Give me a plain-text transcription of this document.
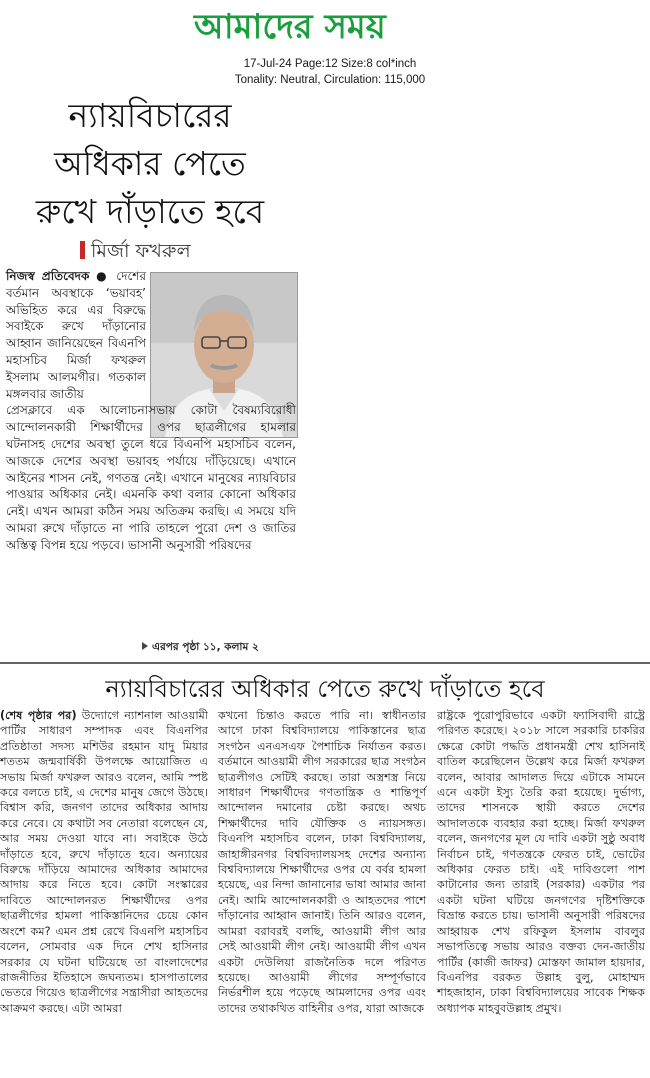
আমাদের সময়
17-Jul-24 Page:12 Size:8 col*inch
Tonality: Neutral, Circulation: 115,000
ন্যায়বিচারের
অধিকার পেতে
রুখে দাঁড়াতে হবে
মির্জা ফখরুল
নিজস্ব প্রতিবেদক ● দেশের বর্তমান অবস্থাকে ‘ভয়াবহ’ অভিহিত করে এর বিরুদ্ধে সবাইকে রুখে দাঁড়ানোর আহ্বান জানিয়েছেন বিএনপি মহাসচিব মির্জা ফখরুল ইসলাম আলমগীর। গতকাল মঙ্গলবার জাতীয়
প্রেসক্লাবে এক আলোচনাসভায় কোটা বৈষম্যবিরোধী আন্দোলনকারী শিক্ষার্থীদের ওপর ছাত্রলীগের হামলার ঘটনাসহ দেশের অবস্থা তুলে ধরে বিএনপি মহাসচিব বলেন, আজকে দেশের অবস্থা ভয়াবহ পর্যায়ে দাঁড়িয়েছে। এখানে আইনের শাসন নেই, গণতন্ত্র নেই। এখানে মানুষের ন্যায়বিচার পাওয়ার অধিকার নেই। এমনকি কথা বলার কোনো অধিকার নেই। এখন আমরা কঠিন সময় অতিক্রম করছি। এ সময়ে যদি আমরা রুখে দাঁড়াতে না পারি তাহলে পুরো দেশ ও জাতির অস্তিত্ব বিপন্ন হয়ে পড়বে। ভাসানী অনুসারী পরিষদের
এরপর পৃষ্ঠা ১১, কলাম ২
ন্যায়বিচারের অধিকার পেতে রুখে দাঁড়াতে হবে

(শেষ পৃষ্ঠার পর) উদ্যোগে ন্যাশনাল আওয়ামী পার্টির সাধারণ সম্পাদক এবং বিএনপির প্রতিষ্ঠাতা সদস্য মশিউর রহমান যাদু মিয়ার শততম জন্মবার্ষিকী উপলক্ষে আয়োজিত এ সভায় মির্জা ফখরুল আরও বলেন, আমি স্পষ্ট করে বলতে চাই, এ দেশের মানুষ জেগে উঠছে। বিশ্বাস করি, জনগণ তাদের অধিকার আদায় করে নেবে। যে কথাটা সব নেতারা বলেছেন যে, আর সময় দেওয়া যাবে না। সবাইকে উঠে দাঁড়াতে হবে, রুখে দাঁড়াতে হবে। অন্যায়ের বিরুদ্ধে দাঁড়িয়ে আমাদের অধিকার আমাদের আদায় করে নিতে হবে। কোটা সংস্কারের দাবিতে আন্দোলনরত শিক্ষার্থীদের ওপর ছাত্রলীগের হামলা পাকিস্তানিদের চেয়ে কোন অংশে কম? এমন প্রশ্ন রেখে বিএনপি মহাসচিব বলেন, সোমবার এক দিনে শেখ হাসিনার সরকার যে ঘটনা ঘটিয়েছে তা বাংলাদেশের রাজনীতির ইতিহাসে জঘন্যতম। হাসপাতালের ভেতরে গিয়েও ছাত্রলীগের সন্ত্রাসীরা আহতদের আক্রমণ করছে। এটা আমরা

কখনো চিন্তাও করতে পারি না। স্বাধীনতার আগে ঢাকা বিশ্ববিদ্যালয়ে পাকিস্তানের ছাত্র সংগঠন এনএসএফ পৈশাচিক নির্যাতন করত। বর্তমানে আওয়ামী লীগ সরকারের ছাত্র সংগঠন ছাত্রলীগও সেটিই করছে। তারা অস্ত্রশস্ত্র নিয়ে সাধারণ শিক্ষার্থীদের গণতান্ত্রিক ও শান্তিপূর্ণ আন্দোলন দমানোর চেষ্টা করছে। অথচ শিক্ষার্থীদের দাবি যৌক্তিক ও ন্যায়সঙ্গত। বিএনপি মহাসচিব বলেন, ঢাকা বিশ্ববিদ্যালয়, জাহাঙ্গীরনগর বিশ্ববিদ্যালয়সহ দেশের অন্যান্য বিশ্ববিদ্যালয়ে শিক্ষার্থীদের ওপর যে বর্বর হামলা হয়েছে, এর নিন্দা জানানোর ভাষা আমার জানা নেই। আমি আন্দোলনকারী ও আহতদের পাশে দাঁড়ানোর আহ্বান জানাই। তিনি আরও বলেন, আমরা বরাবরই বলছি, আওয়ামী লীগ আর সেই আওয়ামী লীগ নেই। আওয়ামী লীগ এখন একটা দেউলিয়া রাজনৈতিক দলে পরিণত হয়েছে। আওয়ামী লীগের সম্পূর্ণভাবে নির্ভরশীল হয়ে পড়েছে আমলাদের ওপর এবং তাদের তথাকথিত বাহিনীর ওপর, যারা আজকে

রাষ্ট্রকে পুরোপুরিভাবে একটা ফ্যাসিবাদী রাষ্ট্রে পরিণত করেছে। ২০১৮ সালে সরকারি চাকরির ক্ষেত্রে কোটা পদ্ধতি প্রধানমন্ত্রী শেখ হাসিনাই বাতিল করেছিলেন উল্লেখ করে মির্জা ফখরুল বলেন, আবার আদালত দিয়ে এটাকে সামনে এনে একটা ইস্যু তৈরি করা হয়েছে। দুর্ভাগ্য, তাদের শাসনকে স্থায়ী করতে দেশের আদালতকে ব্যবহার করা হচ্ছে। মির্জা ফখরুল বলেন, জনগণের মূল যে দাবি একটা সুষ্ঠু অবাধ নির্বাচন চাই, গণতন্ত্রকে ফেরত চাই, ভোটের অধিকার ফেরত চাই। এই দাবিগুলো পাশ কাটানোর জন্য তারাই (সরকার) একটার পর একটা ঘটনা ঘটিয়ে জনগণের দৃষ্টিশক্তিকে বিভ্রান্ত করতে চায়। ভাসানী অনুসারী পরিষদের আহ্বায়ক শেখ রফিকুল ইসলাম বাবলুর সভাপতিত্বে সভায় আরও বক্তব্য দেন-জাতীয় পার্টির (কাজী জাফর) মোস্তফা জামাল হায়দার, বিএনপির বরকত উল্লাহ বুলু, মোহাম্মদ শাহজাহান, ঢাকা বিশ্ববিদ্যালয়ের সাবেক শিক্ষক অধ্যাপক মাহবুবউল্লাহ প্রমুখ।
